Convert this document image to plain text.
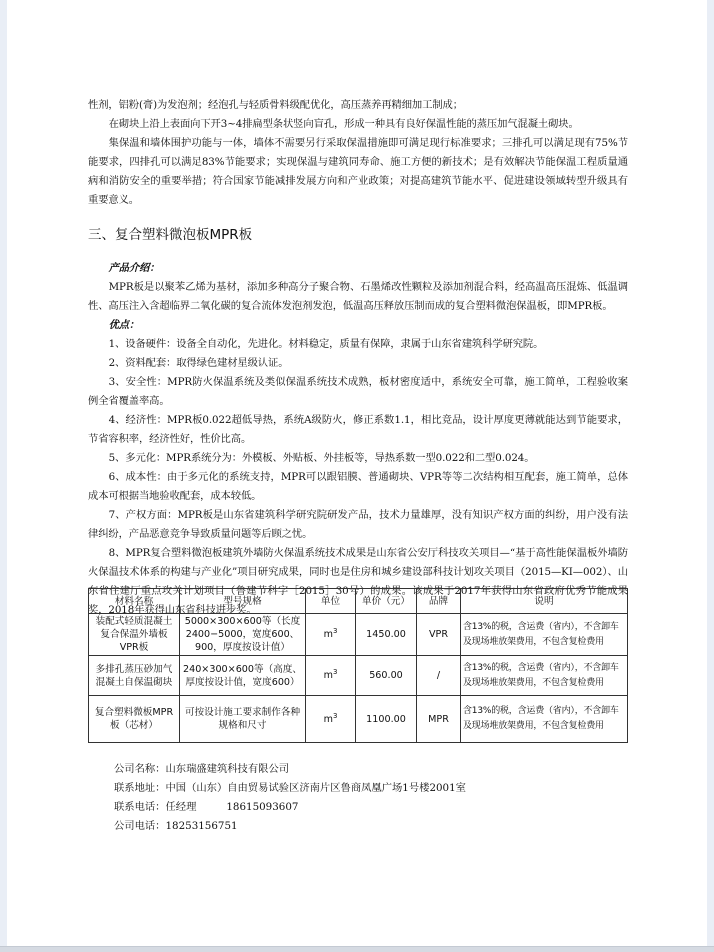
性剂，铝粉(膏)为发泡剂；经泡孔与轻质骨料级配优化，高压蒸养再精细加工制成；

在砌块上沿上表面向下开3~4排扁型条状竖向盲孔，形成一种具有良好保温性能的蒸压加气混凝土砌块。

集保温和墙体围护功能与一体，墙体不需要另行采取保温措施即可满足现行标准要求；三排孔可以满足现有75%节能要求，四排孔可以满足83%节能要求；实现保温与建筑同寿命、施工方便的新技术；是有效解决节能保温工程质量通病和消防安全的重要举措；符合国家节能减排发展方向和产业政策；对提高建筑节能水平、促进建设领域转型升级具有重要意义。

三、复合塑料微泡板MPR板

产品介绍：

MPR板是以聚苯乙烯为基材，添加多种高分子聚合物、石墨烯改性颗粒及添加剂混合料，经高温高压混炼、低温调性、高压注入含超临界二氧化碳的复合流体发泡剂发泡，低温高压释放压制而成的复合塑料微泡保温板，即MPR板。

优点：

1、设备硬件：设备全自动化，先进化。材料稳定，质量有保障，隶属于山东省建筑科学研究院。

2、资料配套：取得绿色建材星级认证。

3、安全性：MPR防火保温系统及类似保温系统技术成熟，板材密度适中，系统安全可靠，施工简单，工程验收案例全省覆盖率高。

4、经济性：MPR板0.022超低导热，系统A级防火，修正系数1.1，相比竞品，设计厚度更薄就能达到节能要求，节省容积率，经济性好，性价比高。

5、多元化：MPR系统分为：外模板、外贴板、外挂板等，导热系数一型0.022和二型0.024。

6、成本性：由于多元化的系统支持，MPR可以跟铝膜、普通砌块、VPR等等二次结构相互配套，施工简单，总体成本可根据当地验收配套，成本较低。

7、产权方面：MPR板是山东省建筑科学研究院研发产品，技术力量雄厚，没有知识产权方面的纠纷，用户没有法律纠纷，产品恶意竞争导致质量问题等后顾之忧。

8、MPR复合塑料微泡板建筑外墙防火保温系统技术成果是山东省公安厅科技攻关项目—“基于高性能保温板外墙防火保温技术体系的构建与产业化”项目研究成果，同时也是住房和城乡建设部科技计划攻关项目（2015—KI—002）、山东省住建厅重点攻关计划项目（鲁建节科字［2015］30号）的成果。该成果于2017年获得山东省政府优秀节能成果奖，2018年获得山东省科技进步奖。

材料名称	型号规格	单位	单价（元）	品牌	说明
装配式轻质混凝土复合保温外墙板VPR板	5000×300×600等（长度2400−5000，宽度600、900，厚度按设计值）	$m^3$	1450.00	VPR	含13%的税，含运费（省内），不含卸车及现场堆放架费用，不包含复检费用
多排孔蒸压砂加气混凝土自保温砌块	240×300×600等（高度、厚度按设计值，宽度600）	$m^3$	560.00	/	含13%的税，含运费（省内），不含卸车及现场堆放架费用，不包含复检费用
复合塑料微板MPR板（芯材）	可按设计施工要求制作各种规格和尺寸	$m^3$	1100.00	MPR	含13%的税，含运费（省内），不含卸车及现场堆放架费用，不包含复检费用

公司名称：山东瑞盛建筑科技有限公司

联系地址：中国（山东）自由贸易试验区济南片区鲁商凤凰广场1号楼2001室

联系电话：任经理	18615093607

公司电话：18253156751
